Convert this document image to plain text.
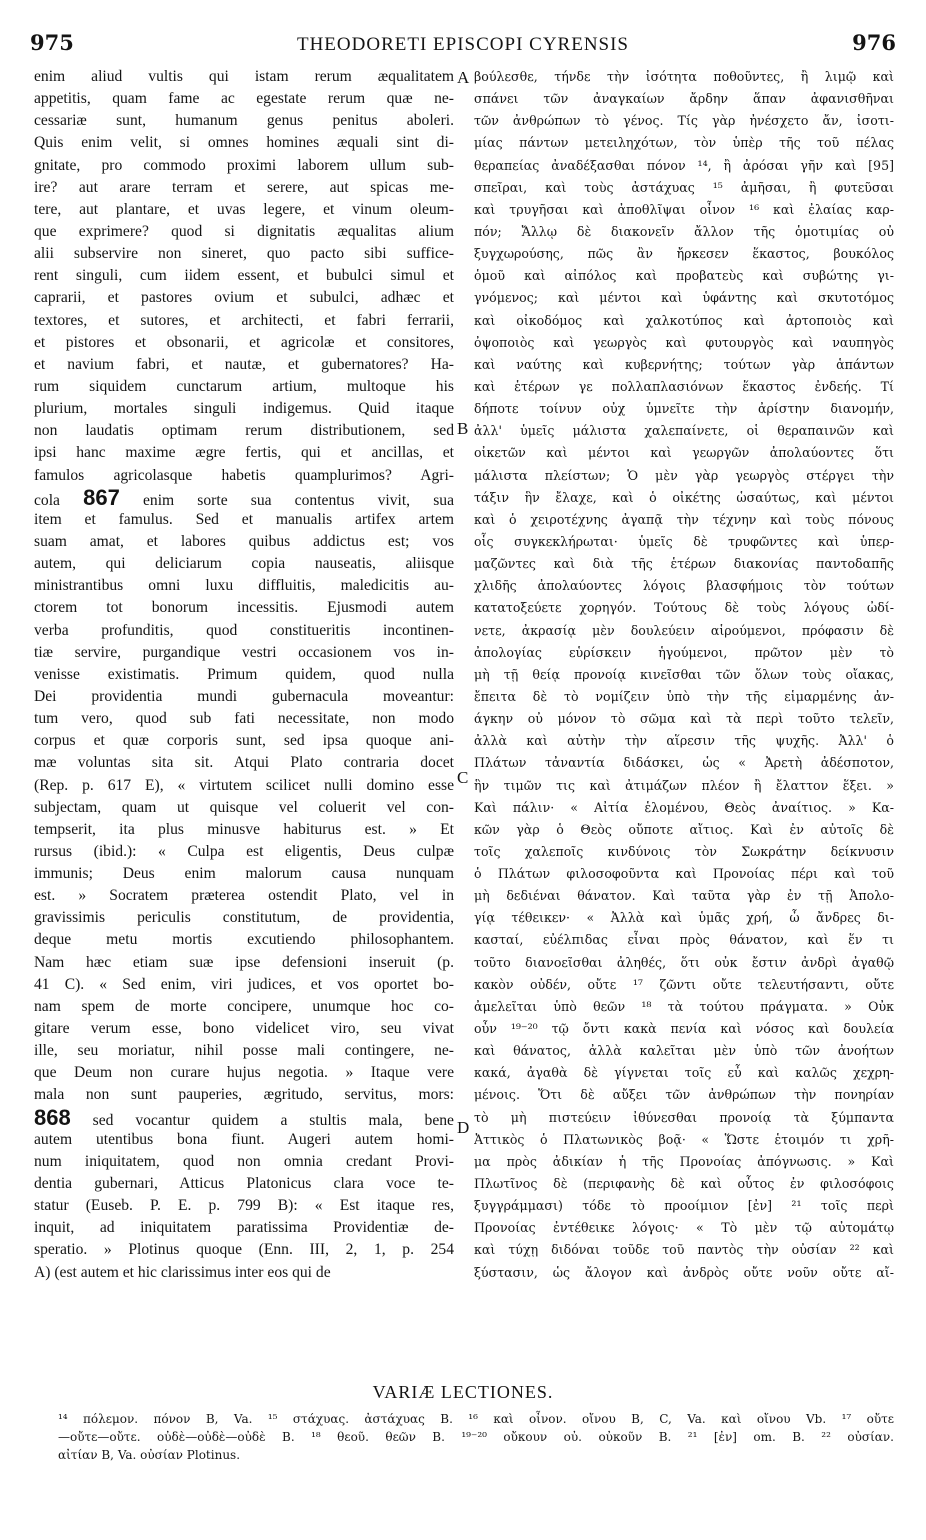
975	THEODORETI EPISCOPI CYRENSIS	976
enim aliud vultis qui istam rerum æqualitatem
appetitis, quam fame ac egestate rerum quæ ne-
cessariæ sunt, humanum genus penitus aboleri.
Quis enim velit, si omnes homines æquali sint di-
gnitate, pro commodo proximi laborem ullum sub-
ire? aut arare terram et serere, aut spicas me-
tere, aut plantare, et uvas legere, et vinum oleum-
que exprimere? quod si dignitatis æqualitas alium
alii subservire non sineret, quo pacto sibi suffice-
rent singuli, cum iidem essent, et bubulci simul et
caprarii, et pastores ovium et subulci, adhæc et
textores, et sutores, et architecti, et fabri ferrarii,
et pistores et obsonarii, et agricolæ et consitores,
et navium fabri, et nautæ, et gubernatores? Ha-
rum siquidem cunctarum artium, multoque his
plurium, mortales singuli indigemus. Quid itaque
non laudatis optimam rerum distributionem, sed
ipsi hanc maxime ægre fertis, qui et ancillas, et
famulos agricolasque habetis quamplurimos? Agri-
cola 867 enim sorte sua contentus vivit, sua
item et famulus. Sed et manualis artifex artem
suam amat, et labores quibus addictus est; vos
autem, qui deliciarum copia nauseatis, aliisque
ministrantibus omni luxu diffluitis, maledicitis au-
ctorem tot bonorum incessitis. Ejusmodi autem
verba profunditis, quod constitueritis incontinen-
tiæ servire, purgandique vestri occasionem vos in-
venisse existimatis. Primum quidem, quod nulla
Dei providentia mundi gubernacula moveantur:
tum vero, quod sub fati necessitate, non modo
corpus et quæ corporis sunt, sed ipsa quoque ani-
mæ voluntas sita sit. Atqui Plato contraria docet
(Rep. p. 617 E), « virtutem scilicet nulli domino esse
subjectam, quam ut quisque vel coluerit vel con-
tempserit, ita plus minusve habiturus est. » Et
rursus (ibid.): « Culpa est eligentis, Deus culpæ
immunis; Deus enim malorum causa nunquam
est. » Socratem præterea ostendit Plato, vel in
gravissimis periculis constitutum, de providentia,
deque metu mortis excutiendo philosophantem.
Nam hæc etiam suæ ipse defensioni inseruit (p.
41 C). « Sed enim, viri judices, et vos oportet bo-
nam spem de morte concipere, unumque hoc co-
gitare verum esse, bono videlicet viro, seu vivat
ille, seu moriatur, nihil posse mali contingere, ne-
que Deum non curare hujus negotia. » Itaque vere
mala non sunt pauperies, ægritudo, servitus, mors:
868 sed vocantur quidem a stultis mala, bene
autem utentibus bona fiunt. Augeri autem homi-
num iniquitatem, quod non omnia credant Provi-
dentia gubernari, Atticus Platonicus clara voce te-
statur (Euseb. P. E. p. 799 B): « Est itaque res,
inquit, ad iniquitatem paratissima Providentiæ de-
speratio. » Plotinus quoque (Enn. III, 2, 1, p. 254
A) (est autem et hic clarissimus inter eos qui de
βούλεσθε, τήνδε τὴν ἰσότητα ποθοῦντες, ἢ λιμῷ καὶ
σπάνει τῶν ἀναγκαίων ἄρδην ἅπαν ἀφανισθῆναι
τῶν ἀνθρώπων τὸ γένος. Τίς γὰρ ἠνέσχετο ἄν, ἰσοτι-
μίας πάντων μετειληχότων, τὸν ὑπὲρ τῆς τοῦ πέλας
θεραπείας ἀναδέξασθαι πόνον ¹⁴, ἢ ἀρόσαι γῆν καὶ [95]
σπεῖραι, καὶ τοὺς ἀστάχυας ¹⁵ ἀμῆσαι, ἢ φυτεῦσαι
καὶ τρυγῆσαι καὶ ἀποθλῖψαι οἶνον ¹⁶ καὶ ἐλαίας καρ-
πόν; Ἄλλῳ δὲ διακονεῖν ἄλλον τῆς ὁμοτιμίας οὐ
ξυγχωρούσης, πῶς ἂν ἤρκεσεν ἕκαστος, βουκόλος
ὁμοῦ καὶ αἰπόλος καὶ προβατεὺς καὶ συβώτης γι-
γνόμενος; καὶ μέντοι καὶ ὑφάντης καὶ σκυτοτόμος
καὶ οἰκοδόμος καὶ χαλκοτύπος καὶ ἀρτοποιὸς καὶ
ὀψοποιὸς καὶ γεωργὸς καὶ φυτουργὸς καὶ ναυπηγὸς
καὶ ναύτης καὶ κυβερνήτης; τούτων γὰρ ἁπάντων
καὶ ἑτέρων γε πολλαπλασιόνων ἕκαστος ἐνδεής. Τί
δήποτε τοίνυν οὐχ ὑμνεῖτε τὴν ἀρίστην διανομήν,
ἀλλ' ὑμεῖς μάλιστα χαλεπαίνετε, οἱ θεραπαινῶν καὶ
οἰκετῶν καὶ μέντοι καὶ γεωργῶν ἀπολαύοντες ὅτι
μάλιστα πλείστων; Ὁ μὲν γὰρ γεωργὸς στέργει τὴν
τάξιν ἣν ἔλαχε, καὶ ὁ οἰκέτης ὡσαύτως, καὶ μέντοι
καὶ ὁ χειροτέχνης ἀγαπᾷ τὴν τέχνην καὶ τοὺς πόνους
οἷς συγκεκλήρωται· ὑμεῖς δὲ τρυφῶντες καὶ ὑπερ-
μαζῶντες καὶ διὰ τῆς ἑτέρων διακονίας παντοδαπῆς
χλιδῆς ἀπολαύοντες λόγοις βλασφήμοις τὸν τούτων
κατατοξεύετε χορηγόν. Τούτους δὲ τοὺς λόγους ὠδί-
νετε, ἀκρασίᾳ μὲν δουλεύειν αἱρούμενοι, πρόφασιν δὲ
ἀπολογίας εὑρίσκειν ἡγούμενοι, πρῶτον μὲν τὸ
μὴ τῇ θείᾳ προνοίᾳ κινεῖσθαι τῶν ὅλων τοὺς οἴακας,
ἔπειτα δὲ τὸ νομίζειν ὑπὸ τὴν τῆς εἱμαρμένης ἀν-
άγκην οὐ μόνον τὸ σῶμα καὶ τὰ περὶ τοῦτο τελεῖν,
ἀλλὰ καὶ αὐτὴν τὴν αἵρεσιν τῆς ψυχῆς. Ἀλλ' ὁ
Πλάτων τἀναντία διδάσκει, ὡς « Ἀρετὴ ἀδέσποτον,
ἣν τιμῶν τις καὶ ἀτιμάζων πλέον ἢ ἔλαττον ἕξει. »
Καὶ πάλιν· « Αἰτία ἑλομένου, Θεὸς ἀναίτιος. » Κα-
κῶν γὰρ ὁ Θεὸς οὔποτε αἴτιος. Καὶ ἐν αὐτοῖς δὲ
τοῖς χαλεποῖς κινδύνοις τὸν Σωκράτην δείκνυσιν
ὁ Πλάτων φιλοσοφοῦντα καὶ Προνοίας πέρι καὶ τοῦ
μὴ δεδιέναι θάνατον. Καὶ ταῦτα γὰρ ἐν τῇ Ἀπολο-
γίᾳ τέθεικεν· « Ἀλλὰ καὶ ὑμᾶς χρή, ὦ ἄνδρες δι-
κασταί, εὐέλπιδας εἶναι πρὸς θάνατον, καὶ ἕν τι
τοῦτο διανοεῖσθαι ἀληθές, ὅτι οὐκ ἔστιν ἀνδρὶ ἀγαθῷ
κακὸν οὐδέν, οὔτε ¹⁷ ζῶντι οὔτε τελευτήσαντι, οὔτε
ἀμελεῖται ὑπὸ θεῶν ¹⁸ τὰ τούτου πράγματα. » Οὐκ
οὖν ¹⁹⁻²⁰ τῷ ὄντι κακὰ πενία καὶ νόσος καὶ δουλεία
καὶ θάνατος, ἀλλὰ καλεῖται μὲν ὑπὸ τῶν ἀνοήτων
κακά, ἀγαθὰ δὲ γίγνεται τοῖς εὖ καὶ καλῶς χεχρη-
μένοις. Ὅτι δὲ αὔξει τῶν ἀνθρώπων τὴν πονηρίαν
τὸ μὴ πιστεύειν ἰθύνεσθαι προνοίᾳ τὰ ξύμπαντα
Ἀττικὸς ὁ Πλατωνικὸς βοᾷ· « Ὥστε ἑτοιμόν τι χρῆ-
μα πρὸς ἀδικίαν ἡ τῆς Προνοίας ἀπόγνωσις. » Καὶ
Πλωτῖνος δὲ (περιφανὴς δὲ καὶ οὗτος ἐν φιλοσόφοις
ξυγγράμμασι) τόδε τὸ προοίμιον [ἐν] ²¹ τοῖς περὶ
Προνοίας ἐντέθεικε λόγοις· « Τὸ μὲν τῷ αὐτομάτῳ
καὶ τύχῃ διδόναι τοῦδε τοῦ παντὸς τὴν οὐσίαν ²² καὶ
ξύστασιν, ὡς ἄλογον καὶ ἀνδρὸς οὔτε νοῦν οὔτε αἴ-
A
B
C
D
VARIÆ LECTIONES.
¹⁴ πόλεμον. πόνον B, Va. ¹⁵ στάχυας. ἀστάχυας B. ¹⁶ καὶ οἶνον. οἴνου B, C, Va. καὶ οἴνου Vb. ¹⁷ οὔτε
—οὔτε—οὔτε. οὐδὲ—οὐδὲ—οὐδὲ B. ¹⁸ θεοῦ. θεῶν B. ¹⁹⁻²⁰ οὔκουν οὐ. οὐκοῦν B. ²¹ [ἐν] om. B. ²² οὐσίαν.
αἰτίαν B, Va. οὐσίαν Plotinus.
